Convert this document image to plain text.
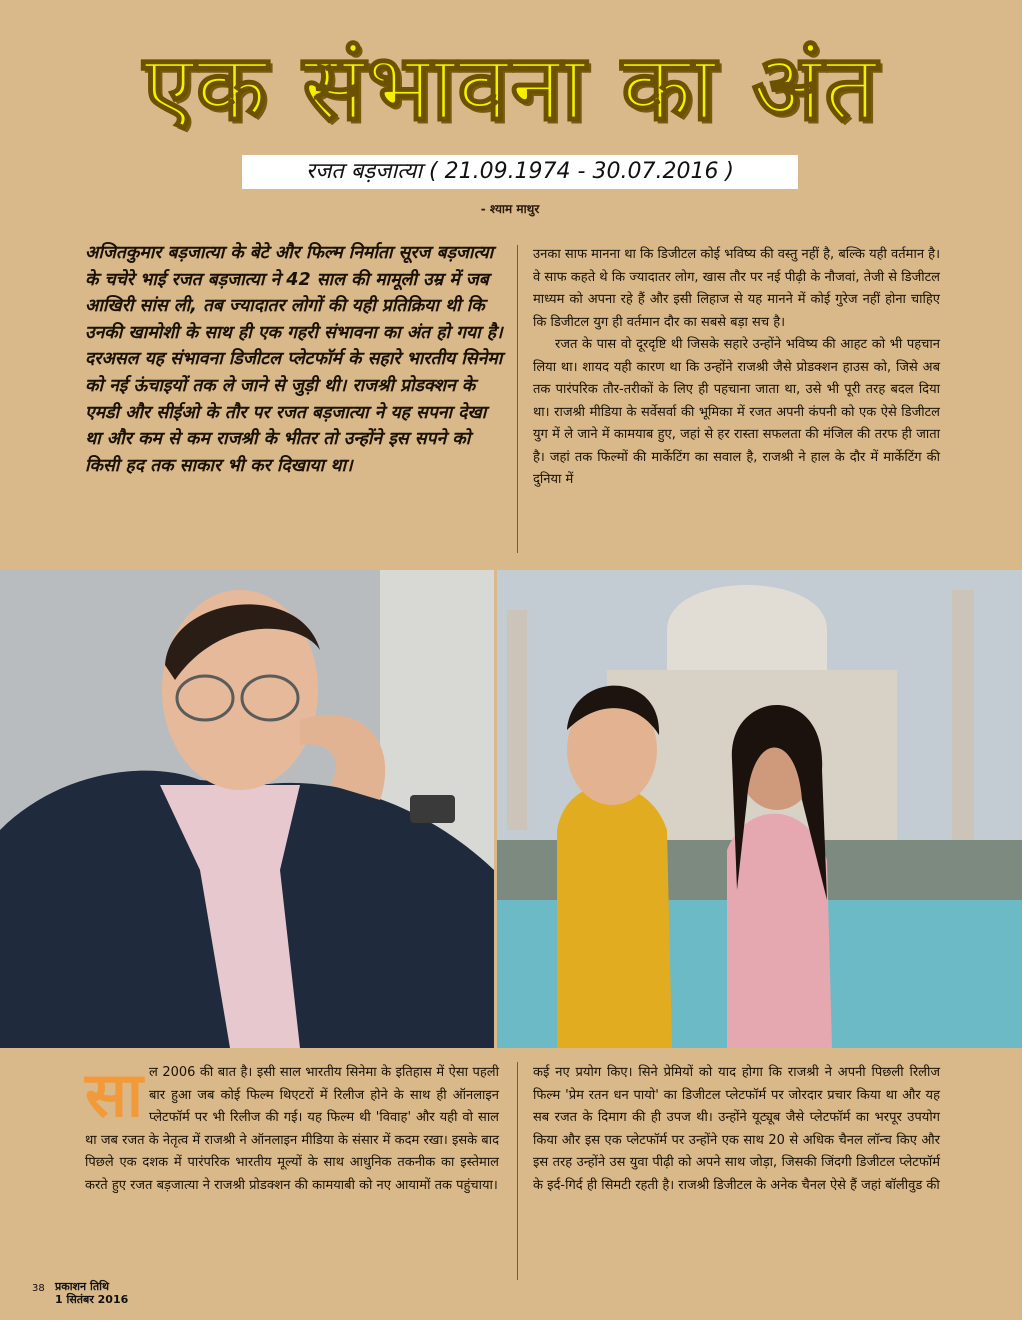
एक संभावना का अंत
रजत बड़जात्या ( 21.09.1974 - 30.07.2016 )
- श्याम माथुर

अजितकुमार बड़जात्या के बेटे और फिल्म निर्माता सूरज बड़जात्या के चचेरे भाई रजत बड़जात्या ने 42 साल की मामूली उम्र में जब आखिरी सांस ली, तब ज्यादातर लोगों की यही प्रतिक्रिया थी कि उनकी खामोशी के साथ ही एक गहरी संभावना का अंत हो गया है। दरअसल यह संभावना डिजीटल प्लेटफॉर्म के सहारे भारतीय सिनेमा को नई ऊंचाइयों तक ले जाने से जुड़ी थी। राजश्री प्रोडक्शन के एमडी और सीईओ के तौर पर रजत बड़जात्या ने यह सपना देखा था और कम से कम राजश्री के भीतर तो उन्होंने इस सपने को किसी हद तक साकार भी कर दिखाया था।

उनका साफ मानना था कि डिजीटल कोई भविष्य की वस्तु नहीं है, बल्कि यही वर्तमान है। वे साफ कहते थे कि ज्यादातर लोग, खास तौर पर नई पीढ़ी के नौजवां, तेजी से डिजीटल माध्यम को अपना रहे हैं और इसी लिहाज से यह मानने में कोई गुरेज नहीं होना चाहिए कि डिजीटल युग ही वर्तमान दौर का सबसे बड़ा सच है।

रजत के पास वो दूरदृष्टि थी जिसके सहारे उन्होंने भविष्य की आहट को भी पहचान लिया था। शायद यही कारण था कि उन्होंने राजश्री जैसे प्रोडक्शन हाउस को, जिसे अब तक पारंपरिक तौर-तरीकों के लिए ही पहचाना जाता था, उसे भी पूरी तरह बदल दिया था। राजश्री मीडिया के सर्वेसर्वा की भूमिका में रजत अपनी कंपनी को एक ऐसे डिजीटल युग में ले जाने में कामयाब हुए, जहां से हर रास्ता सफलता की मंजिल की तरफ ही जाता है। जहां तक फिल्मों की मार्केटिंग का सवाल है, राजश्री ने हाल के दौर में मार्केटिंग की दुनिया में

सा ल 2006 की बात है। इसी साल भारतीय सिनेमा के इतिहास में ऐसा पहली बार हुआ जब कोई फिल्म थिएटरों में रिलीज होने के साथ ही ऑनलाइन प्लेटफॉर्म पर भी रिलीज की गई। यह फिल्म थी 'विवाह' और यही वो साल था जब रजत के नेतृत्व में राजश्री ने ऑनलाइन मीडिया के संसार में कदम रखा। इसके बाद पिछले एक दशक में पारंपरिक भारतीय मूल्यों के साथ आधुनिक तकनीक का इस्तेमाल करते हुए रजत बड़जात्या ने राजश्री प्रोडक्शन की कामयाबी को नए आयामों तक पहुंचाया।

कई नए प्रयोग किए। सिने प्रेमियों को याद होगा कि राजश्री ने अपनी पिछली रिलीज फिल्म 'प्रेम रतन धन पायो' का डिजीटल प्लेटफॉर्म पर जोरदार प्रचार किया था और यह सब रजत के दिमाग की ही उपज थी। उन्होंने यूट्यूब जैसे प्लेटफॉर्म का भरपूर उपयोग किया और इस एक प्लेटफॉर्म पर उन्होंने एक साथ 20 से अधिक चैनल लॉन्च किए और इस तरह उन्होंने उस युवा पीढ़ी को अपने साथ जोड़ा, जिसकी जिंदगी डिजीटल प्लेटफॉर्म के इर्द-गिर्द ही सिमटी रहती है। राजश्री डिजीटल के अनेक चैनल ऐसे हैं जहां बॉलीवुड की

38 प्रकाशन तिथि
1 सितंबर 2016
